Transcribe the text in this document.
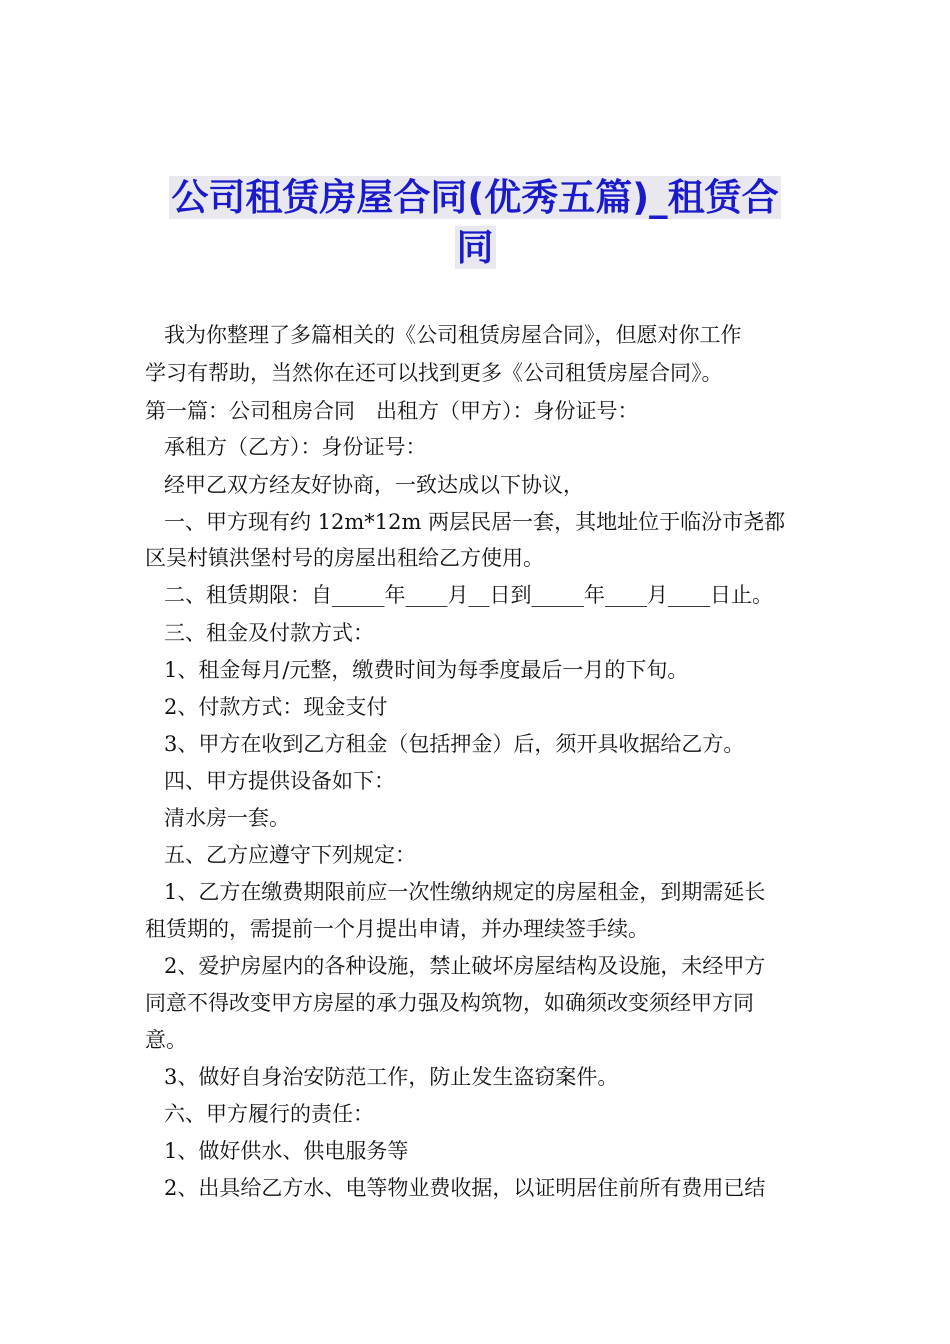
公司租赁房屋合同(优秀五篇)_租赁合
同
我为你整理了多篇相关的《公司租赁房屋合同》，但愿对你工作
学习有帮助，当然你在还可以找到更多《公司租赁房屋合同》。
第一篇：公司租房合同　出租方（甲方）：身份证号：
承租方（乙方）：身份证号：
经甲乙双方经友好协商，一致达成以下协议，
一、甲方现有约 12m*12m 两层民居一套，其地址位于临汾市尧都
区吴村镇洪堡村号的房屋出租给乙方使用。
二、租赁期限：自_____年____月__日到_____年____月____日止。
三、租金及付款方式：
1、租金每月/元整，缴费时间为每季度最后一月的下旬。
2、付款方式：现金支付
3、甲方在收到乙方租金（包括押金）后，须开具收据给乙方。
四、甲方提供设备如下：
清水房一套。
五、乙方应遵守下列规定：
1、乙方在缴费期限前应一次性缴纳规定的房屋租金，到期需延长
租赁期的，需提前一个月提出申请，并办理续签手续。
2、爱护房屋内的各种设施，禁止破坏房屋结构及设施，未经甲方
同意不得改变甲方房屋的承力强及构筑物，如确须改变须经甲方同
意。
3、做好自身治安防范工作，防止发生盗窃案件。
六、甲方履行的责任：
1、做好供水、供电服务等
2、出具给乙方水、电等物业费收据，以证明居住前所有费用已结
